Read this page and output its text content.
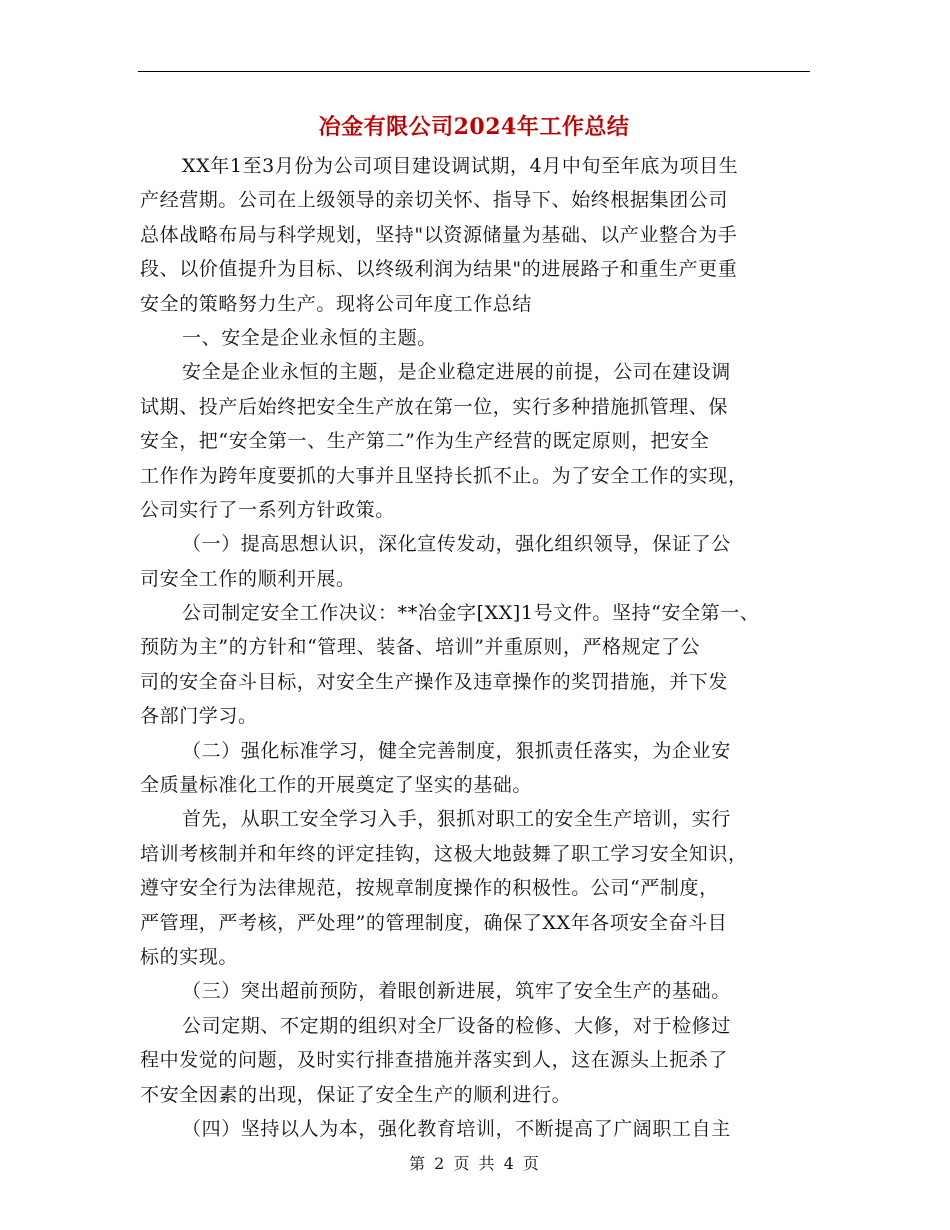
冶金有限公司2024年工作总结
XX年1至3月份为公司项目建设调试期，4月中旬至年底为项目生
产经营期。公司在上级领导的亲切关怀、指导下、始终根据集团公司
总体战略布局与科学规划，坚持"以资源储量为基础、以产业整合为手
段、以价值提升为目标、以终级利润为结果"的进展路子和重生产更重
安全的策略努力生产。现将公司年度工作总结
一、安全是企业永恒的主题。
安全是企业永恒的主题，是企业稳定进展的前提，公司在建设调
试期、投产后始终把安全生产放在第一位，实行多种措施抓管理、保
安全，把“安全第一、生产第二”作为生产经营的既定原则，把安全
工作作为跨年度要抓的大事并且坚持长抓不止。为了安全工作的实现，
公司实行了一系列方针政策。
（一）提高思想认识，深化宣传发动，强化组织领导，保证了公
司安全工作的顺利开展。
公司制定安全工作决议：**冶金字[XX]1号文件。坚持“安全第一、
预防为主”的方针和“管理、装备、培训”并重原则，严格规定了公
司的安全奋斗目标，对安全生产操作及违章操作的奖罚措施，并下发
各部门学习。
（二）强化标准学习，健全完善制度，狠抓责任落实，为企业安
全质量标准化工作的开展奠定了坚实的基础。
首先，从职工安全学习入手，狠抓对职工的安全生产培训，实行
培训考核制并和年终的评定挂钩，这极大地鼓舞了职工学习安全知识，
遵守安全行为法律规范，按规章制度操作的积极性。公司“严制度，
严管理，严考核，严处理”的管理制度，确保了XX年各项安全奋斗目
标的实现。
（三）突出超前预防，着眼创新进展，筑牢了安全生产的基础。
公司定期、不定期的组织对全厂设备的检修、大修，对于检修过
程中发觉的问题，及时实行排查措施并落实到人，这在源头上扼杀了
不安全因素的出现，保证了安全生产的顺利进行。
（四）坚持以人为本，强化教育培训，不断提高了广阔职工自主
第 2 页 共 4 页
